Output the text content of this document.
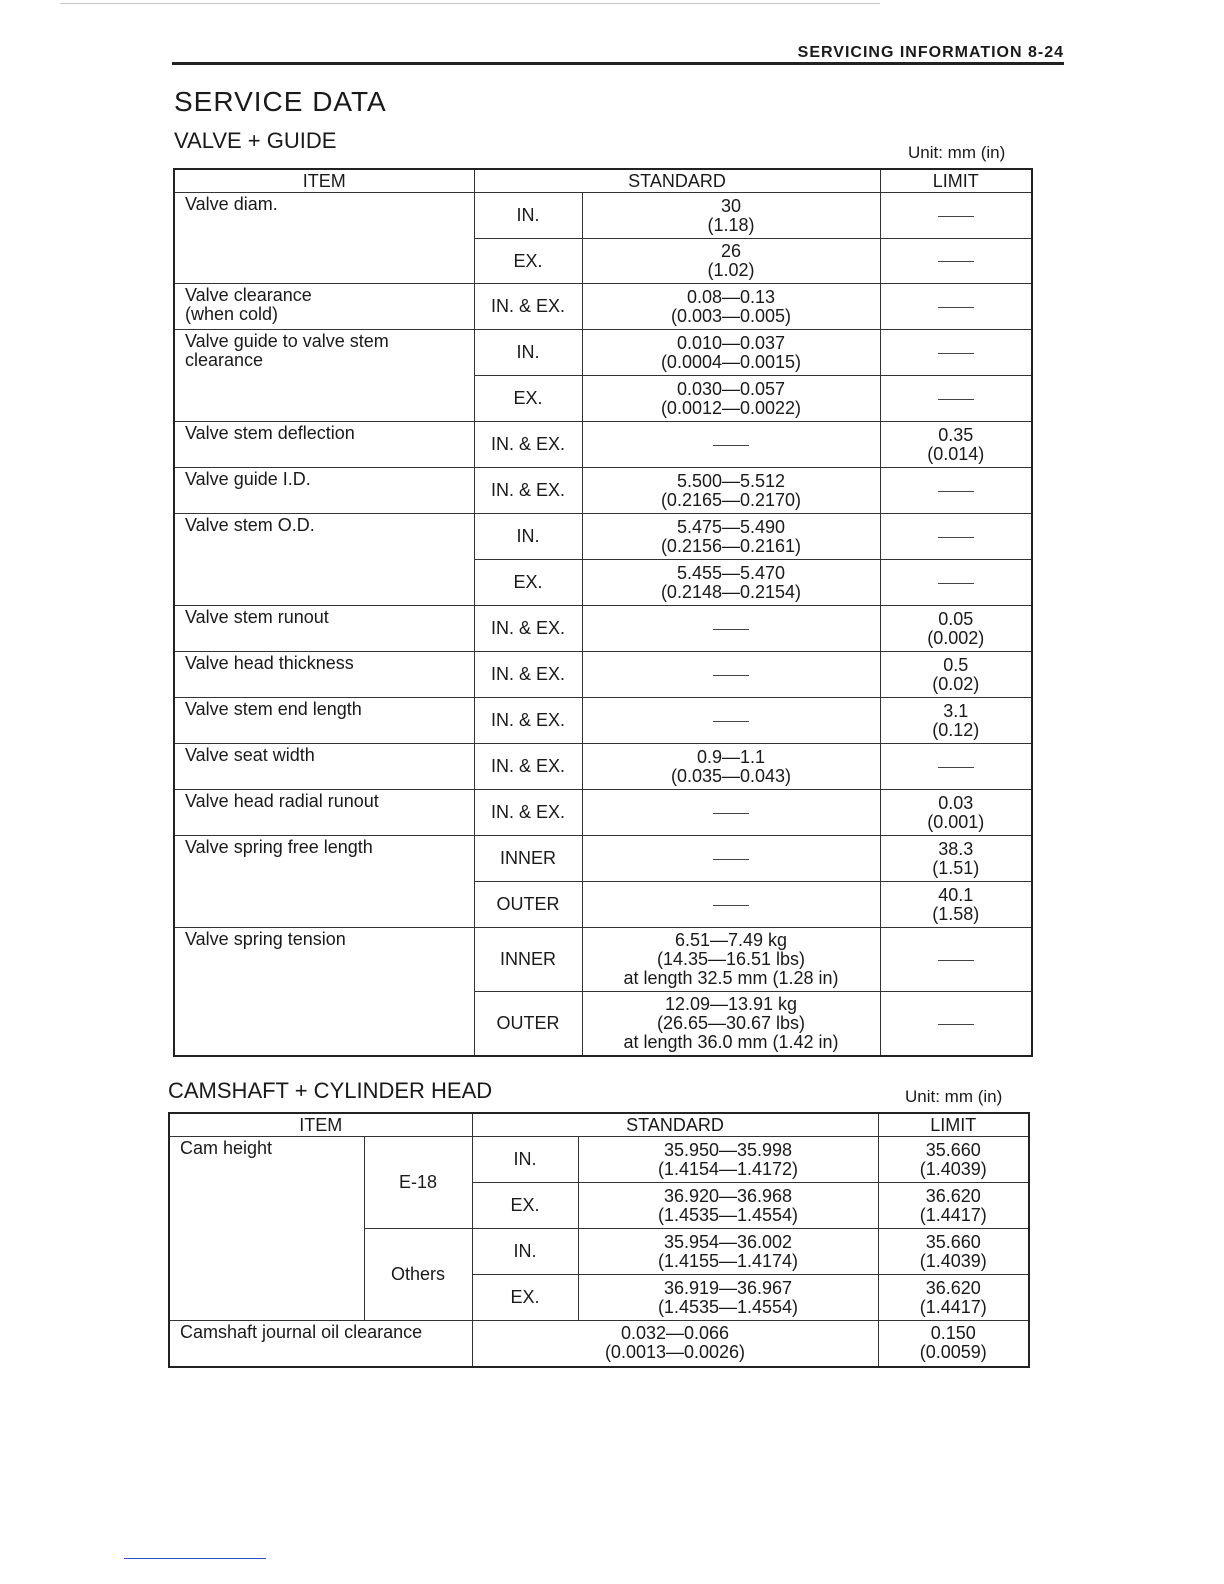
SERVICING INFORMATION 8-24
SERVICE DATA
VALVE + GUIDE	Unit: mm (in)
ITEM	STANDARD		LIMIT
Valve diam.	IN.	30
(1.18)	
	EX.	26
(1.02)	
Valve clearance
(when cold)	IN. & EX.	0.08—0.13
(0.003—0.005)	
Valve guide to valve stem
clearance	IN.	0.010—0.037
(0.0004—0.0015)	
	EX.	0.030—0.057
(0.0012—0.0022)	
Valve stem deflection	IN. & EX.		0.35
(0.014)
Valve guide I.D.	IN. & EX.	5.500—5.512
(0.2165—0.2170)	
Valve stem O.D.	IN.	5.475—5.490
(0.2156—0.2161)	
	EX.	5.455—5.470
(0.2148—0.2154)	
Valve stem runout	IN. & EX.		0.05
(0.002)
Valve head thickness	IN. & EX.		0.5
(0.02)
Valve stem end length	IN. & EX.		3.1
(0.12)
Valve seat width	IN. & EX.	0.9—1.1
(0.035—0.043)	
Valve head radial runout	IN. & EX.		0.03
(0.001)
Valve spring free length	INNER		38.3
(1.51)
	OUTER		40.1
(1.58)
Valve spring tension	INNER	6.51—7.49 kg
(14.35—16.51 lbs)
at length 32.5 mm (1.28 in)	
	OUTER	12.09—13.91 kg
(26.65—30.67 lbs)
at length 36.0 mm (1.42 in)	
CAMSHAFT + CYLINDER HEAD	Unit: mm (in)
ITEM		STANDARD		LIMIT
Cam height	E-18	IN.	35.950—35.998
(1.4154—1.4172)	35.660
(1.4039)
		EX.	36.920—36.968
(1.4535—1.4554)	36.620
(1.4417)
	Others	IN.	35.954—36.002
(1.4155—1.4174)	35.660
(1.4039)
		EX.	36.919—36.967
(1.4535—1.4554)	36.620
(1.4417)
Camshaft journal oil clearance		0.032—0.066
(0.0013—0.0026)		0.150
(0.0059)
